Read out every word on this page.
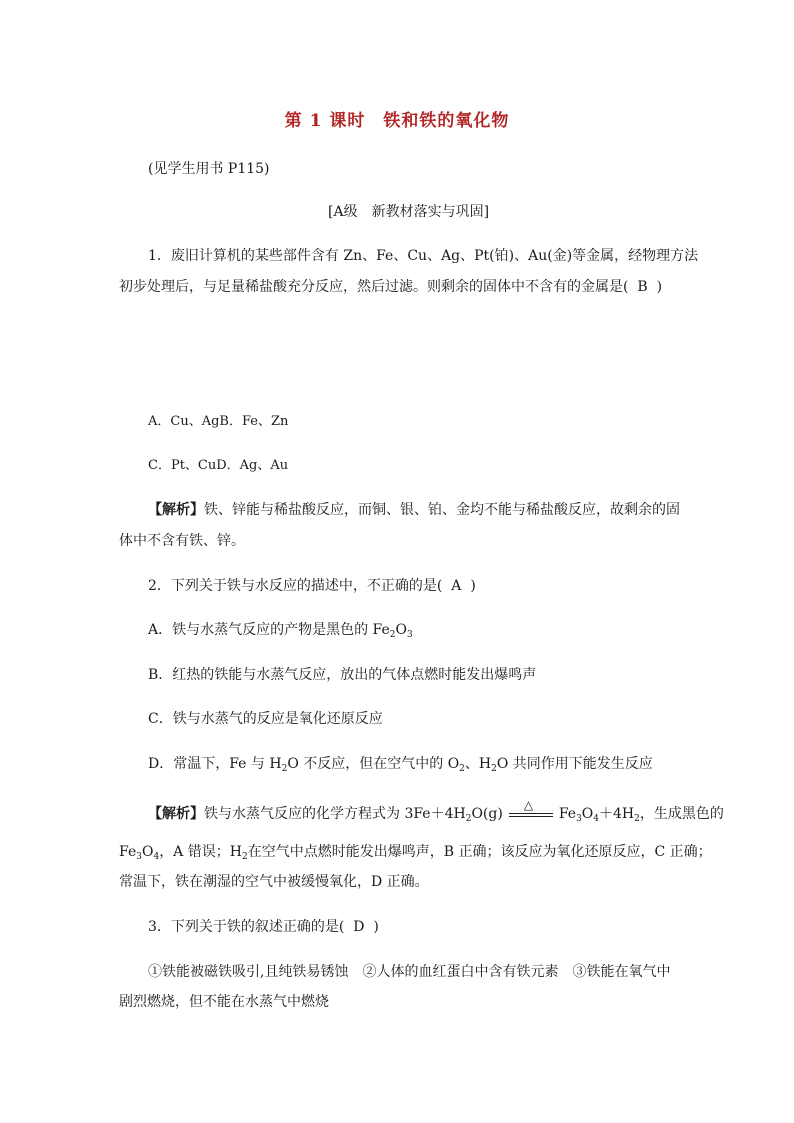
第 1 课时 铁和铁的氧化物
(见学生用书 P115)
[A级　新教材落实与巩固]
1．废旧计算机的某些部件含有 Zn、Fe、Cu、Ag、Pt(铂)、Au(金)等金属，经物理方法
初步处理后，与足量稀盐酸充分反应，然后过滤。则剩余的固体中不含有的金属是( B )
A．Cu、AgB．Fe、Zn
C．Pt、CuD．Ag、Au
【解析】铁、锌能与稀盐酸反应，而铜、银、铂、金均不能与稀盐酸反应，故剩余的固
体中不含有铁、锌。
2．下列关于铁与水反应的描述中，不正确的是( A )
A．铁与水蒸气反应的产物是黑色的 $Fe_2O_3$
B．红热的铁能与水蒸气反应，放出的气体点燃时能发出爆鸣声
C．铁与水蒸气的反应是氧化还原反应
D．常温下，Fe 与 $H_2O$ 不反应，但在空气中的 $O_2$、$H_2O$ 共同作用下能发生反应
【解析】铁与水蒸气反应的化学方程式为 $3Fe+4H_2O(g)$
△
$Fe_3O_4+4H_2$，生成黑色的
$Fe_3O_4$，A 错误；$H_2$在空气中点燃时能发出爆鸣声，B 正确；该反应为氧化还原反应，C 正确；
常温下，铁在潮湿的空气中被缓慢氧化，D 正确。
3．下列关于铁的叙述正确的是( D )
①铁能被磁铁吸引,且纯铁易锈蚀　②人体的血红蛋白中含有铁元素　③铁能在氧气中
剧烈燃烧，但不能在水蒸气中燃烧
